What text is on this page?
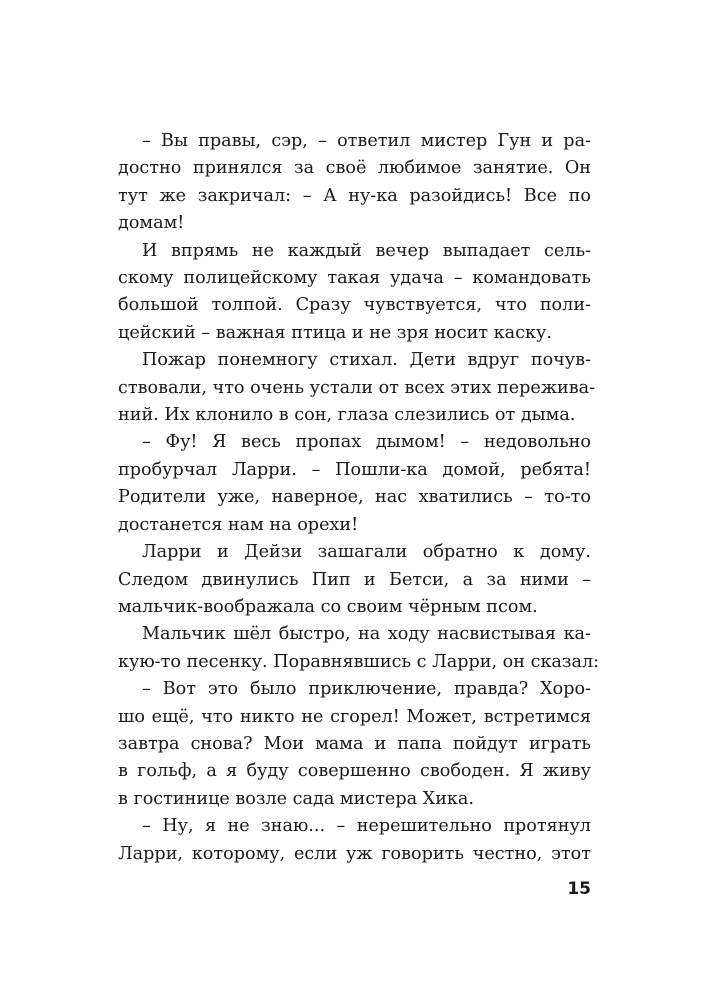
– Вы правы, сэр, – ответил мистер Гун и ра-
достно принялся за своё любимое занятие. Он
тут же закричал: – А ну-ка разойдись! Все по
домам!
И впрямь не каждый вечер выпадает сель-
скому полицейскому такая удача – командовать
большой толпой. Сразу чувствуется, что поли-
цейский – важная птица и не зря носит каску.
Пожар понемногу стихал. Дети вдруг почув-
ствовали, что очень устали от всех этих пережива-
ний. Их клонило в сон, глаза слезились от дыма.
– Фу! Я весь пропах дымом! – недовольно
пробурчал Ларри. – Пошли-ка домой, ребята!
Родители уже, наверное, нас хватились – то-то
достанется нам на орехи!
Ларри и Дейзи зашагали обратно к дому.
Следом двинулись Пип и Бетси, а за ними –
мальчик-воображала со своим чёрным псом.
Мальчик шёл быстро, на ходу насвистывая ка-
кую-то песенку. Поравнявшись с Ларри, он сказал:
– Вот это было приключение, правда? Хоро-
шо ещё, что никто не сгорел! Может, встретимся
завтра снова? Мои мама и папа пойдут играть
в гольф, а я буду совершенно свободен. Я живу
в гостинице возле сада мистера Хика.
– Ну, я не знаю... – нерешительно протянул
Ларри, которому, если уж говорить честно, этот
15
